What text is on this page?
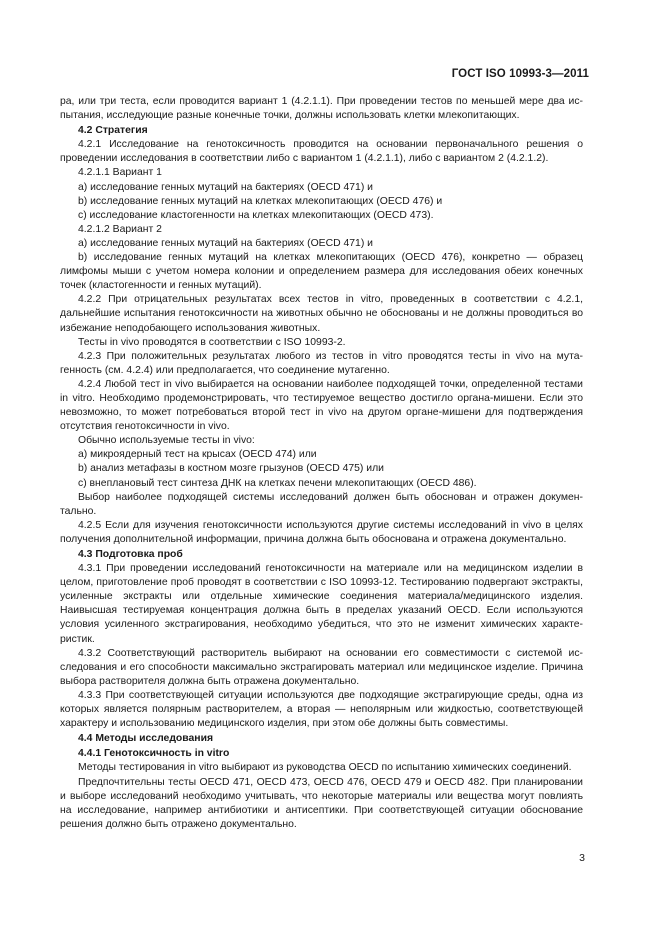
ГОСТ ISO 10993-3—2011

ра, или три теста, если проводится вариант 1 (4.2.1.1). При проведении тестов по меньшей мере два испытания, исследующие разные конечные точки, должны использовать клетки млекопитающих.

4.2 Стратегия

4.2.1 Исследование на генотоксичность проводится на основании первоначального решения о проведении исследования в соответствии либо с вариантом 1 (4.2.1.1), либо с вариантом 2 (4.2.1.2).

4.2.1.1 Вариант 1

а) исследование генных мутаций на бактериях (OECD 471) и

b) исследование генных мутаций на клетках млекопитающих (OECD 476) и

с) исследование кластогенности на клетках млекопитающих (OECD 473).

4.2.1.2 Вариант 2

а) исследование генных мутаций на бактериях (OECD 471) и

b) исследование генных мутаций на клетках млекопитающих (OECD 476), конкретно — образец лимфомы мыши с учетом номера колонии и определением размера для исследования обеих конечных точек (кластогенности и генных мутаций).

4.2.2 При отрицательных результатах всех тестов in vitro, проведенных в соответствии с 4.2.1, дальнейшие испытания генотоксичности на животных обычно не обоснованы и не должны проводиться во избежание неподобающего использования животных.

Тесты in vivo проводятся в соответствии с ISO 10993-2.

4.2.3 При положительных результатах любого из тестов in vitro проводятся тесты in vivo на мутагенность (см. 4.2.4) или предполагается, что соединение мутагенно.

4.2.4 Любой тест in vivo выбирается на основании наиболее подходящей точки, определенной тестами in vitro. Необходимо продемонстрировать, что тестируемое вещество достигло органа-мишени. Если это невозможно, то может потребоваться второй тест in vivo на другом органе-мишени для подтверждения отсутствия генотоксичности in vivo.

Обычно используемые тесты in vivo:

а) микроядерный тест на крысах (OECD 474) или

b) анализ метафазы в костном мозге грызунов (OECD 475) или

с) внеплановый тест синтеза ДНК на клетках печени млекопитающих (OECD 486).

Выбор наиболее подходящей системы исследований должен быть обоснован и отражен документально.

4.2.5 Если для изучения генотоксичности используются другие системы исследований in vivo в целях получения дополнительной информации, причина должна быть обоснована и отражена документально.

4.3 Подготовка проб

4.3.1 При проведении исследований генотоксичности на материале или на медицинском изделии в целом, приготовление проб проводят в соответствии с ISO 10993-12. Тестированию подвергают экстракты, усиленные экстракты или отдельные химические соединения материала/медицинского изделия. Наивысшая тестируемая концентрация должна быть в пределах указаний OECD. Если используются условия усиленного экстрагирования, необходимо убедиться, что это не изменит химических характеристик.

4.3.2 Соответствующий растворитель выбирают на основании его совместимости с системой исследования и его способности максимально экстрагировать материал или медицинское изделие. Причина выбора растворителя должна быть отражена документально.

4.3.3 При соответствующей ситуации используются две подходящие экстрагирующие среды, одна из которых является полярным растворителем, а вторая — неполярным или жидкостью, соответствующей характеру и использованию медицинского изделия, при этом обе должны быть совместимы.

4.4 Методы исследования

4.4.1 Генотоксичность in vitro

Методы тестирования in vitro выбирают из руководства OECD по испытанию химических соединений.

Предпочтительны тесты OECD 471, OECD 473, OECD 476, OECD 479 и OECD 482. При планировании и выборе исследований необходимо учитывать, что некоторые материалы или вещества могут повлиять на исследование, например антибиотики и антисептики. При соответствующей ситуации обоснование решения должно быть отражено документально.

3
